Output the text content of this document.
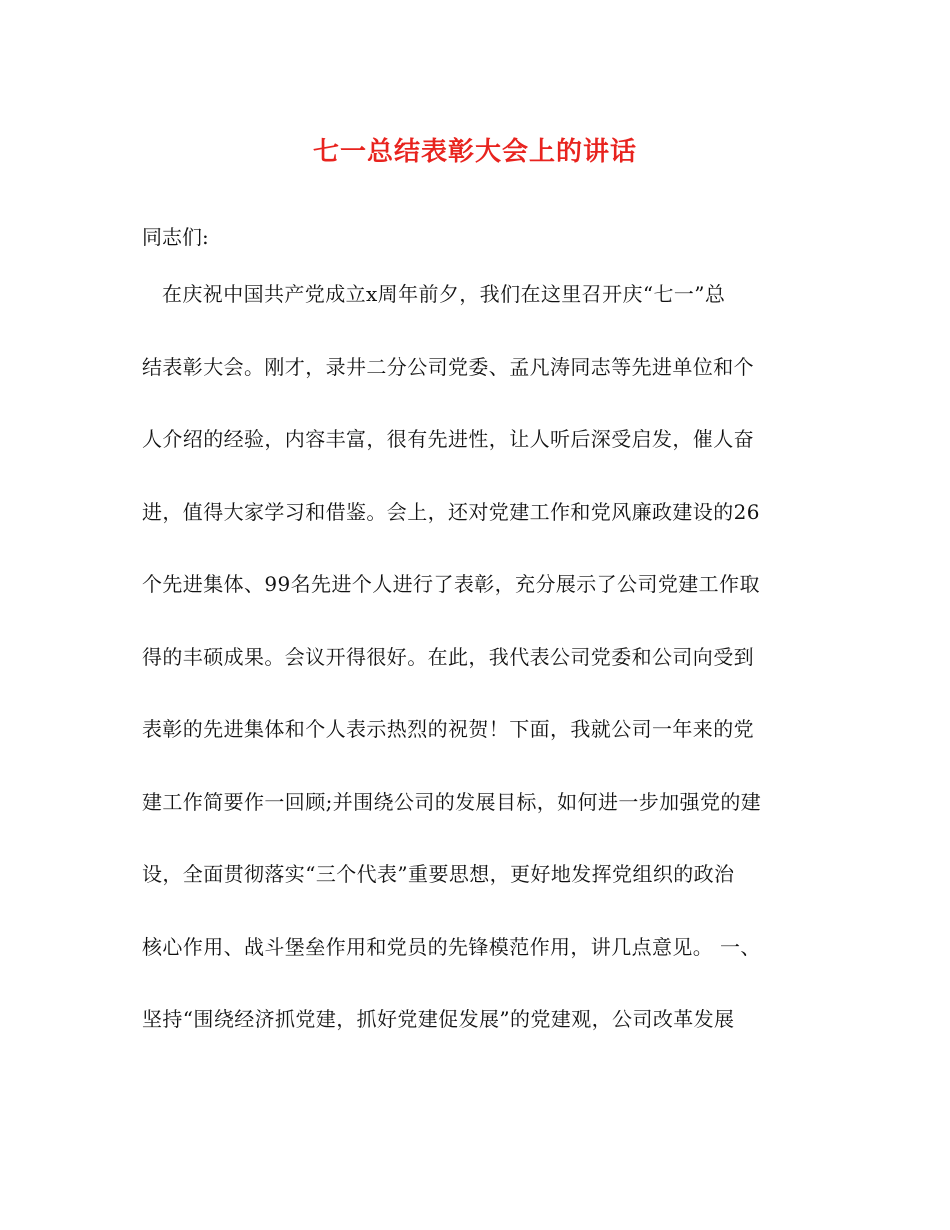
七一总结表彰大会上的讲话
同志们:
在庆祝中国共产党成立x周年前夕，我们在这里召开庆“七一”总
结表彰大会。刚才，录井二分公司党委、孟凡涛同志等先进单位和个
人介绍的经验，内容丰富，很有先进性，让人听后深受启发，催人奋
进，值得大家学习和借鉴。会上，还对党建工作和党风廉政建设的26
个先进集体、99名先进个人进行了表彰，充分展示了公司党建工作取
得的丰硕成果。会议开得很好。在此，我代表公司党委和公司向受到
表彰的先进集体和个人表示热烈的祝贺！下面，我就公司一年来的党
建工作简要作一回顾;并围绕公司的发展目标，如何进一步加强党的建
设，全面贯彻落实“三个代表”重要思想，更好地发挥党组织的政治
核心作用、战斗堡垒作用和党员的先锋模范作用，讲几点意见。 一、
坚持“围绕经济抓党建，抓好党建促发展”的党建观，公司改革发展
